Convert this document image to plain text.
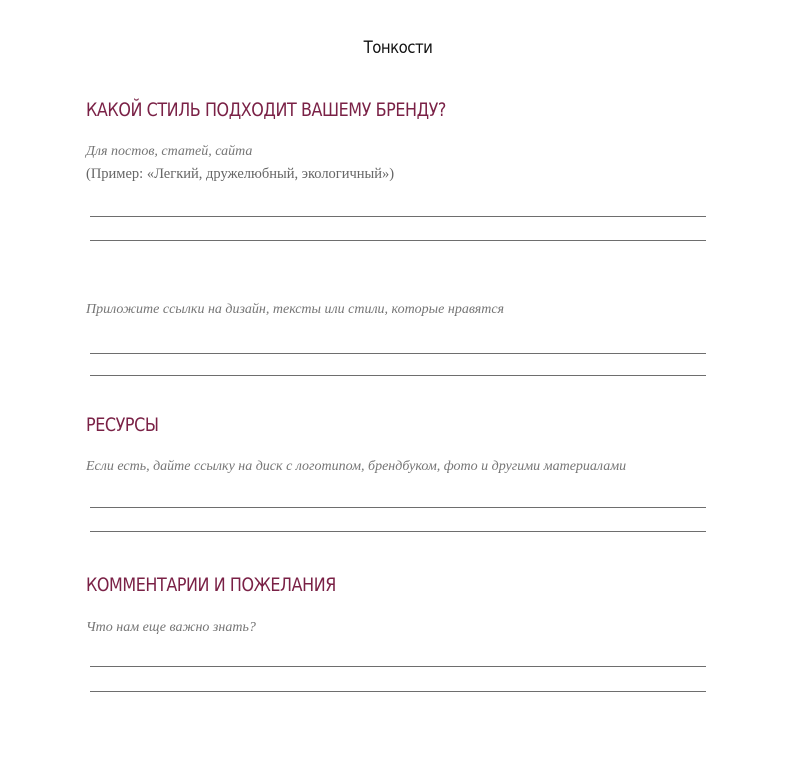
Тонкости
КАКОЙ СТИЛЬ ПОДХОДИТ ВАШЕМУ БРЕНДУ?
Для постов, статей, сайта
(Пример: «Легкий, дружелюбный, экологичный»)
Приложите ссылки на дизайн, тексты или стили, которые нравятся
РЕСУРСЫ
Если есть, дайте ссылку на диск с логотипом, брендбуком, фото и другими материалами
КОММЕНТАРИИ И ПОЖЕЛАНИЯ
Что нам еще важно знать?
